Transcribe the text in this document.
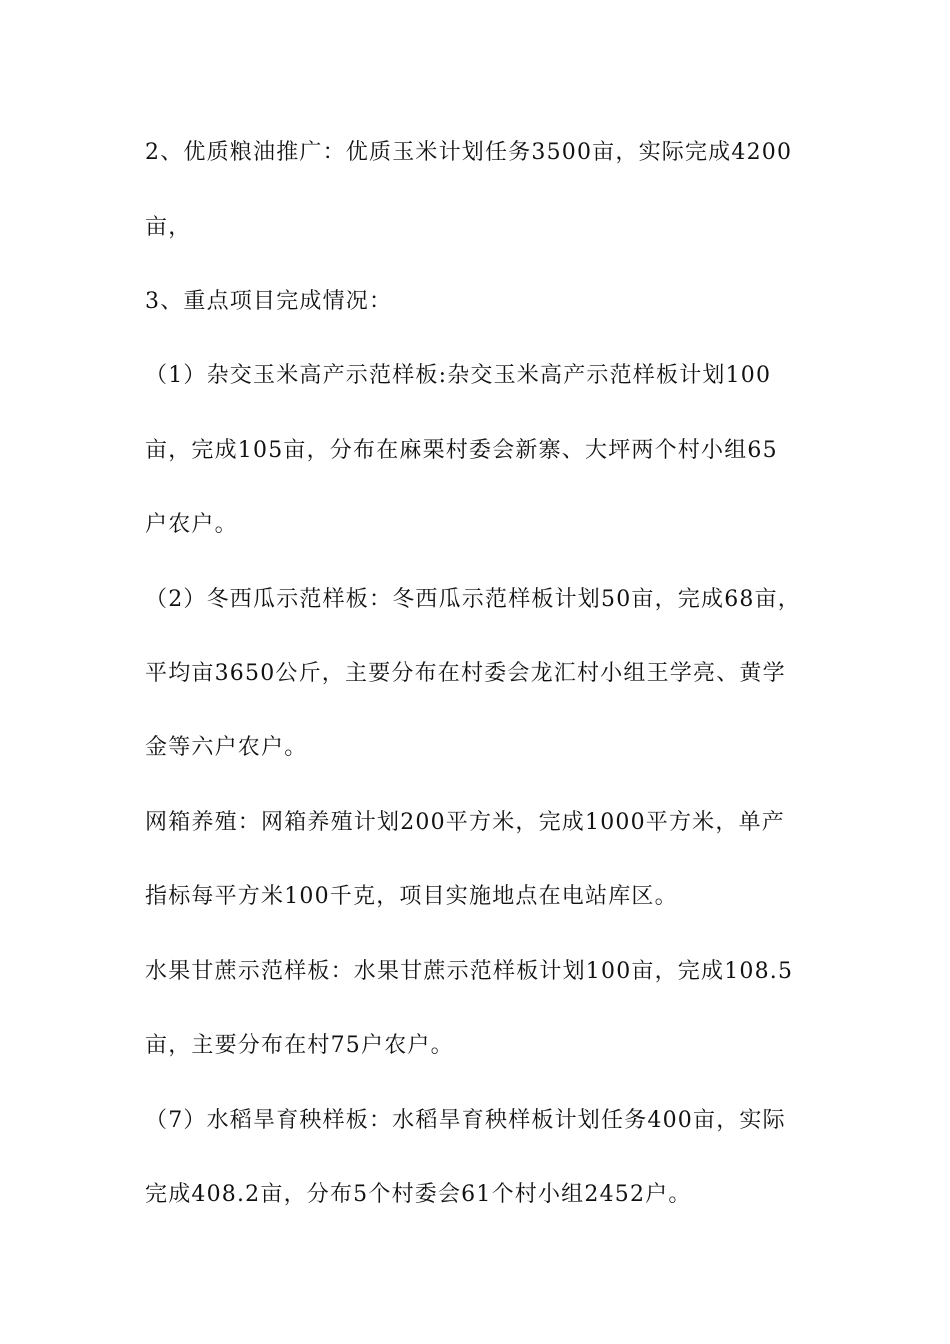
2、优质粮油推广：优质玉米计划任务3500亩，实际完成4200
亩，
3、重点项目完成情况：
（1）杂交玉米高产示范样板:杂交玉米高产示范样板计划100
亩，完成105亩，分布在麻栗村委会新寨、大坪两个村小组65
户农户。
（2）冬西瓜示范样板：冬西瓜示范样板计划50亩，完成68亩，
平均亩3650公斤，主要分布在村委会龙汇村小组王学亮、黄学
金等六户农户。
网箱养殖：网箱养殖计划200平方米，完成1000平方米，单产
指标每平方米100千克，项目实施地点在电站库区。
水果甘蔗示范样板：水果甘蔗示范样板计划100亩，完成108.5
亩，主要分布在村75户农户。
（7）水稻旱育秧样板：水稻旱育秧样板计划任务400亩，实际
完成408.2亩，分布5个村委会61个村小组2452户。
